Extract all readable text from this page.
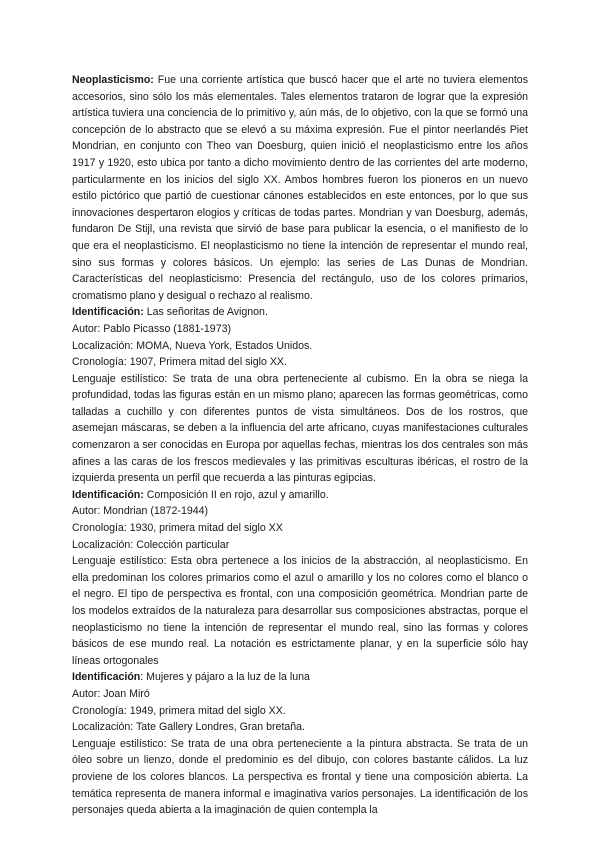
Neoplasticismo: Fue una corriente artística que buscó hacer que el arte no tuviera elementos accesorios, sino sólo los más elementales. Tales elementos trataron de lograr que la expresión artística tuviera una conciencia de lo primitivo y, aún más, de lo objetivo, con la que se formó una concepción de lo abstracto que se elevó a su máxima expresión. Fue el pintor neerlandés Piet Mondrian, en conjunto con Theo van Doesburg, quien inició el neoplasticismo entre los años 1917 y 1920, esto ubica por tanto a dicho movimiento dentro de las corrientes del arte moderno, particularmente en los inicios del siglo XX. Ambos hombres fueron los pioneros en un nuevo estilo pictórico que partió de cuestionar cánones establecidos en este entonces, por lo que sus innovaciones despertaron elogios y críticas de todas partes. Mondrian y van Doesburg, además, fundaron De Stijl, una revista que sirvió de base para publicar la esencia, o el manifiesto de lo que era el neoplasticismo. El neoplasticismo no tiene la intención de representar el mundo real, sino sus formas y colores básicos. Un ejemplo: las series de Las Dunas de Mondrian. Características del neoplasticismo: Presencia del rectángulo, uso de los colores primarios, cromatismo plano y desigual o rechazo al realismo.

Identificación: Las señoritas de Avignon.

Autor: Pablo Picasso (1881-1973)

Localización: MOMA, Nueva York, Estados Unidos.

Cronología: 1907, Primera mitad del siglo XX.

Lenguaje estilístico: Se trata de una obra perteneciente al cubismo. En la obra se niega la profundidad, todas las figuras están en un mismo plano; aparecen las formas geométricas, como talladas a cuchillo y con diferentes puntos de vista simultáneos. Dos de los rostros, que asemejan máscaras, se deben a la influencia del arte africano, cuyas manifestaciones culturales comenzaron a ser conocidas en Europa por aquellas fechas, mientras los dos centrales son más afines a las caras de los frescos medievales y las primitivas esculturas ibéricas, el rostro de la izquierda presenta un perfil que recuerda a las pinturas egipcias.

Identificación: Composición II en rojo, azul y amarillo.

Autor: Mondrian (1872-1944)

Cronología: 1930, primera mitad del siglo XX

Localización: Colección particular

Lenguaje estilístico: Esta obra pertenece a los inicios de la abstracción, al neoplasticismo. En ella predominan los colores primarios como el azul o amarillo y los no colores como el blanco o el negro. El tipo de perspectiva es frontal, con una composición geométrica. Mondrian parte de los modelos extraídos de la naturaleza para desarrollar sus composiciones abstractas, porque el neoplasticismo no tiene la intención de representar el mundo real, sino las formas y colores básicos de ese mundo real. La notación es estrictamente planar, y en la superficie sólo hay líneas ortogonales

Identificación: Mujeres y pájaro a la luz de la luna

Autor: Joan Miró

Cronología: 1949, primera mitad del siglo XX.

Localización: Tate Gallery Londres, Gran bretaña.

Lenguaje estilístico: Se trata de una obra perteneciente a la pintura abstracta. Se trata de un óleo sobre un lienzo, donde el predominio es del dibujo, con colores bastante cálidos. La luz proviene de los colores blancos. La perspectiva es frontal y tiene una composición abierta. La temática representa de manera informal e imaginativa varios personajes. La identificación de los personajes queda abierta a la imaginación de quien contempla la
